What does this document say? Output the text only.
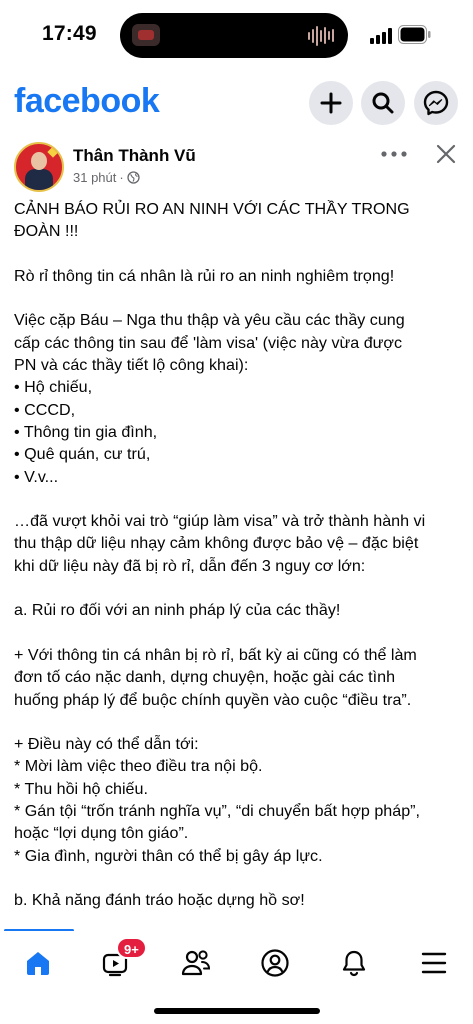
17:49
facebook
Thân Thành Vũ
31 phút ·
CẢNH BÁO RỦI RO AN NINH VỚI CÁC THẦY TRONG
ĐOÀN !!!
Rò rỉ thông tin cá nhân là rủi ro an ninh nghiêm trọng!
Việc cặp Báu – Nga thu thập và yêu cầu các thầy cung
cấp các thông tin sau để 'làm visa' (việc này vừa được
PN và các thầy tiết lộ công khai):
• Hộ chiếu,
• CCCD,
• Thông tin gia đình,
• Quê quán, cư trú,
• V.v...
…đã vượt khỏi vai trò “giúp làm visa” và trở thành hành vi
thu thập dữ liệu nhạy cảm không được bảo vệ – đặc biệt
khi dữ liệu này đã bị rò rỉ, dẫn đến 3 nguy cơ lớn:
a. Rủi ro đối với an ninh pháp lý của các thầy!
+ Với thông tin cá nhân bị rò rỉ, bất kỳ ai cũng có thể làm
đơn tố cáo nặc danh, dựng chuyện, hoặc gài các tình
huống pháp lý để buộc chính quyền vào cuộc “điều tra”.
+ Điều này có thể dẫn tới:
* Mời làm việc theo điều tra nội bộ.
* Thu hồi hộ chiếu.
* Gán tội “trốn tránh nghĩa vụ”, “di chuyển bất hợp pháp”,
hoặc “lợi dụng tôn giáo”.
* Gia đình, người thân có thể bị gây áp lực.
b. Khả năng đánh tráo hoặc dựng hồ sơ!
9+
